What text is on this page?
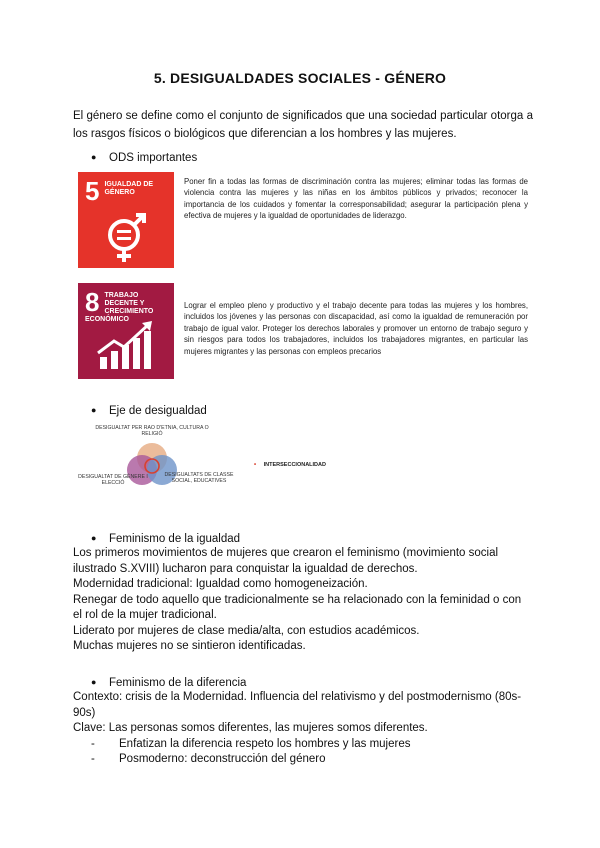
5. DESIGUALDADES SOCIALES - GÉNERO
El género se define como el conjunto de significados que una sociedad particular otorga a los rasgos físicos o biológicos que diferencian a los hombres y las mujeres.
● ODS importantes
5 IGUALDAD DE GÉNERO
Poner fin a todas las formas de discriminación contra las mujeres; eliminar todas las formas de violencia contra las mujeres y las niñas en los ámbitos públicos y privados; reconocer la importancia de los cuidados y fomentar la corresponsabilidad; asegurar la participación plena y efectiva de mujeres y la igualdad de oportunidades de liderazgo.
8 TRABAJO DECENTE Y CRECIMIENTO ECONÓMICO
Lograr el empleo pleno y productivo y el trabajo decente para todas las mujeres y los hombres, incluidos los jóvenes y las personas con discapacidad, así como la igualdad de remuneración por trabajo de igual valor. Proteger los derechos laborales y promover un entorno de trabajo seguro y sin riesgos para todos los trabajadores, incluidos los trabajadores migrantes, en particular las mujeres migrantes y las personas con empleos precarios
● Eje de desigualdad
DESIGUALTAT PER RAO D'ETNIA, CULTURA O RELIGIÓ
DESIGUALTAT DE GÈNERE I ELECCIÓ
DESIGUALTATS DE CLASSE SOCIAL, EDUCATIVES
• INTERSECCIONALIDAD
● Feminismo de la igualdad
Los primeros movimientos de mujeres que crearon el feminismo (movimiento social ilustrado S.XVIII) lucharon para conquistar la igualdad de derechos.
Modernidad tradicional: Igualdad como homogeneización.
Renegar de todo aquello que tradicionalmente se ha relacionado con la feminidad o con el rol de la mujer tradicional.
Liderato por mujeres de clase media/alta, con estudios académicos.
Muchas mujeres no se sintieron identificadas.
● Feminismo de la diferencia
Contexto: crisis de la Modernidad. Influencia del relativismo y del postmodernismo (80s-90s)
Clave: Las personas somos diferentes, las mujeres somos diferentes.
- Enfatizan la diferencia respeto los hombres y las mujeres
- Posmoderno: deconstrucción del género
